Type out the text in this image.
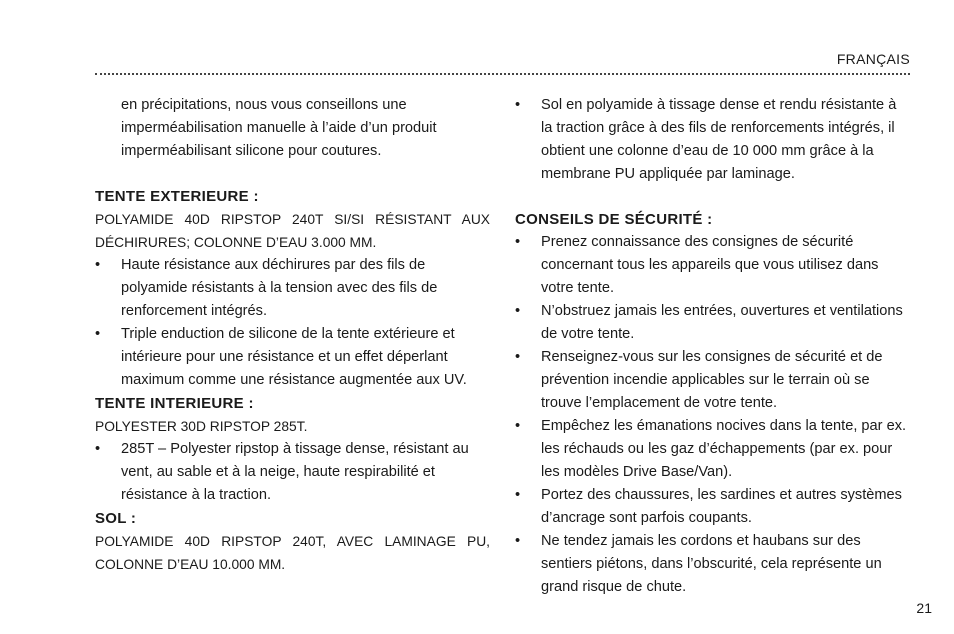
FRANÇAIS

en précipitations, nous vous conseillons une imperméabilisation manuelle à l’aide d’un produit imperméabilisant silicone pour coutures.

TENTE EXTERIEURE :

POLYAMIDE 40D RIPSTOP 240T SI/SI RÉSISTANT AUX DÉCHIRURES; COLONNE D’EAU 3.000 MM.

• Haute résistance aux déchirures par des fils de polyamide résistants à la tension avec des fils de renforcement intégrés.
• Triple enduction de silicone de la tente extérieure et intérieure pour une résistance et un effet déperlant maximum comme une résistance augmentée aux UV.
TENTE INTERIEURE :

POLYESTER 30D RIPSTOP 285T.

• 285T – Polyester ripstop à tissage dense, résistant au vent, au sable et à la neige, haute respirabilité et résistance à la traction.
SOL :

POLYAMIDE 40D RIPSTOP 240T, AVEC LAMINAGE PU, COLONNE D’EAU 10.000 MM.

• Sol en polyamide à tissage dense et rendu résistante à la traction grâce à des fils de renforcements intégrés, il obtient une colonne d’eau de 10 000 mm grâce à la membrane PU appliquée par laminage.
CONSEILS DE SÉCURITÉ :
• Prenez connaissance des consignes de sécurité concernant tous les appareils que vous utilisez dans votre tente.
• N’obstruez jamais les entrées, ouvertures et ventilations de votre tente.
• Renseignez-vous sur les consignes de sécurité et de prévention incendie applicables sur le terrain où se trouve l’emplacement de votre tente.
• Empêchez les émanations nocives dans la tente, par ex. les réchauds ou les gaz d’échappements (par ex. pour les modèles Drive Base/Van).
• Portez des chaussures, les sardines et autres systèmes d’ancrage sont parfois coupants.
• Ne tendez jamais les cordons et haubans sur des sentiers piétons, dans l’obscurité, cela représente un grand risque de chute.
21
